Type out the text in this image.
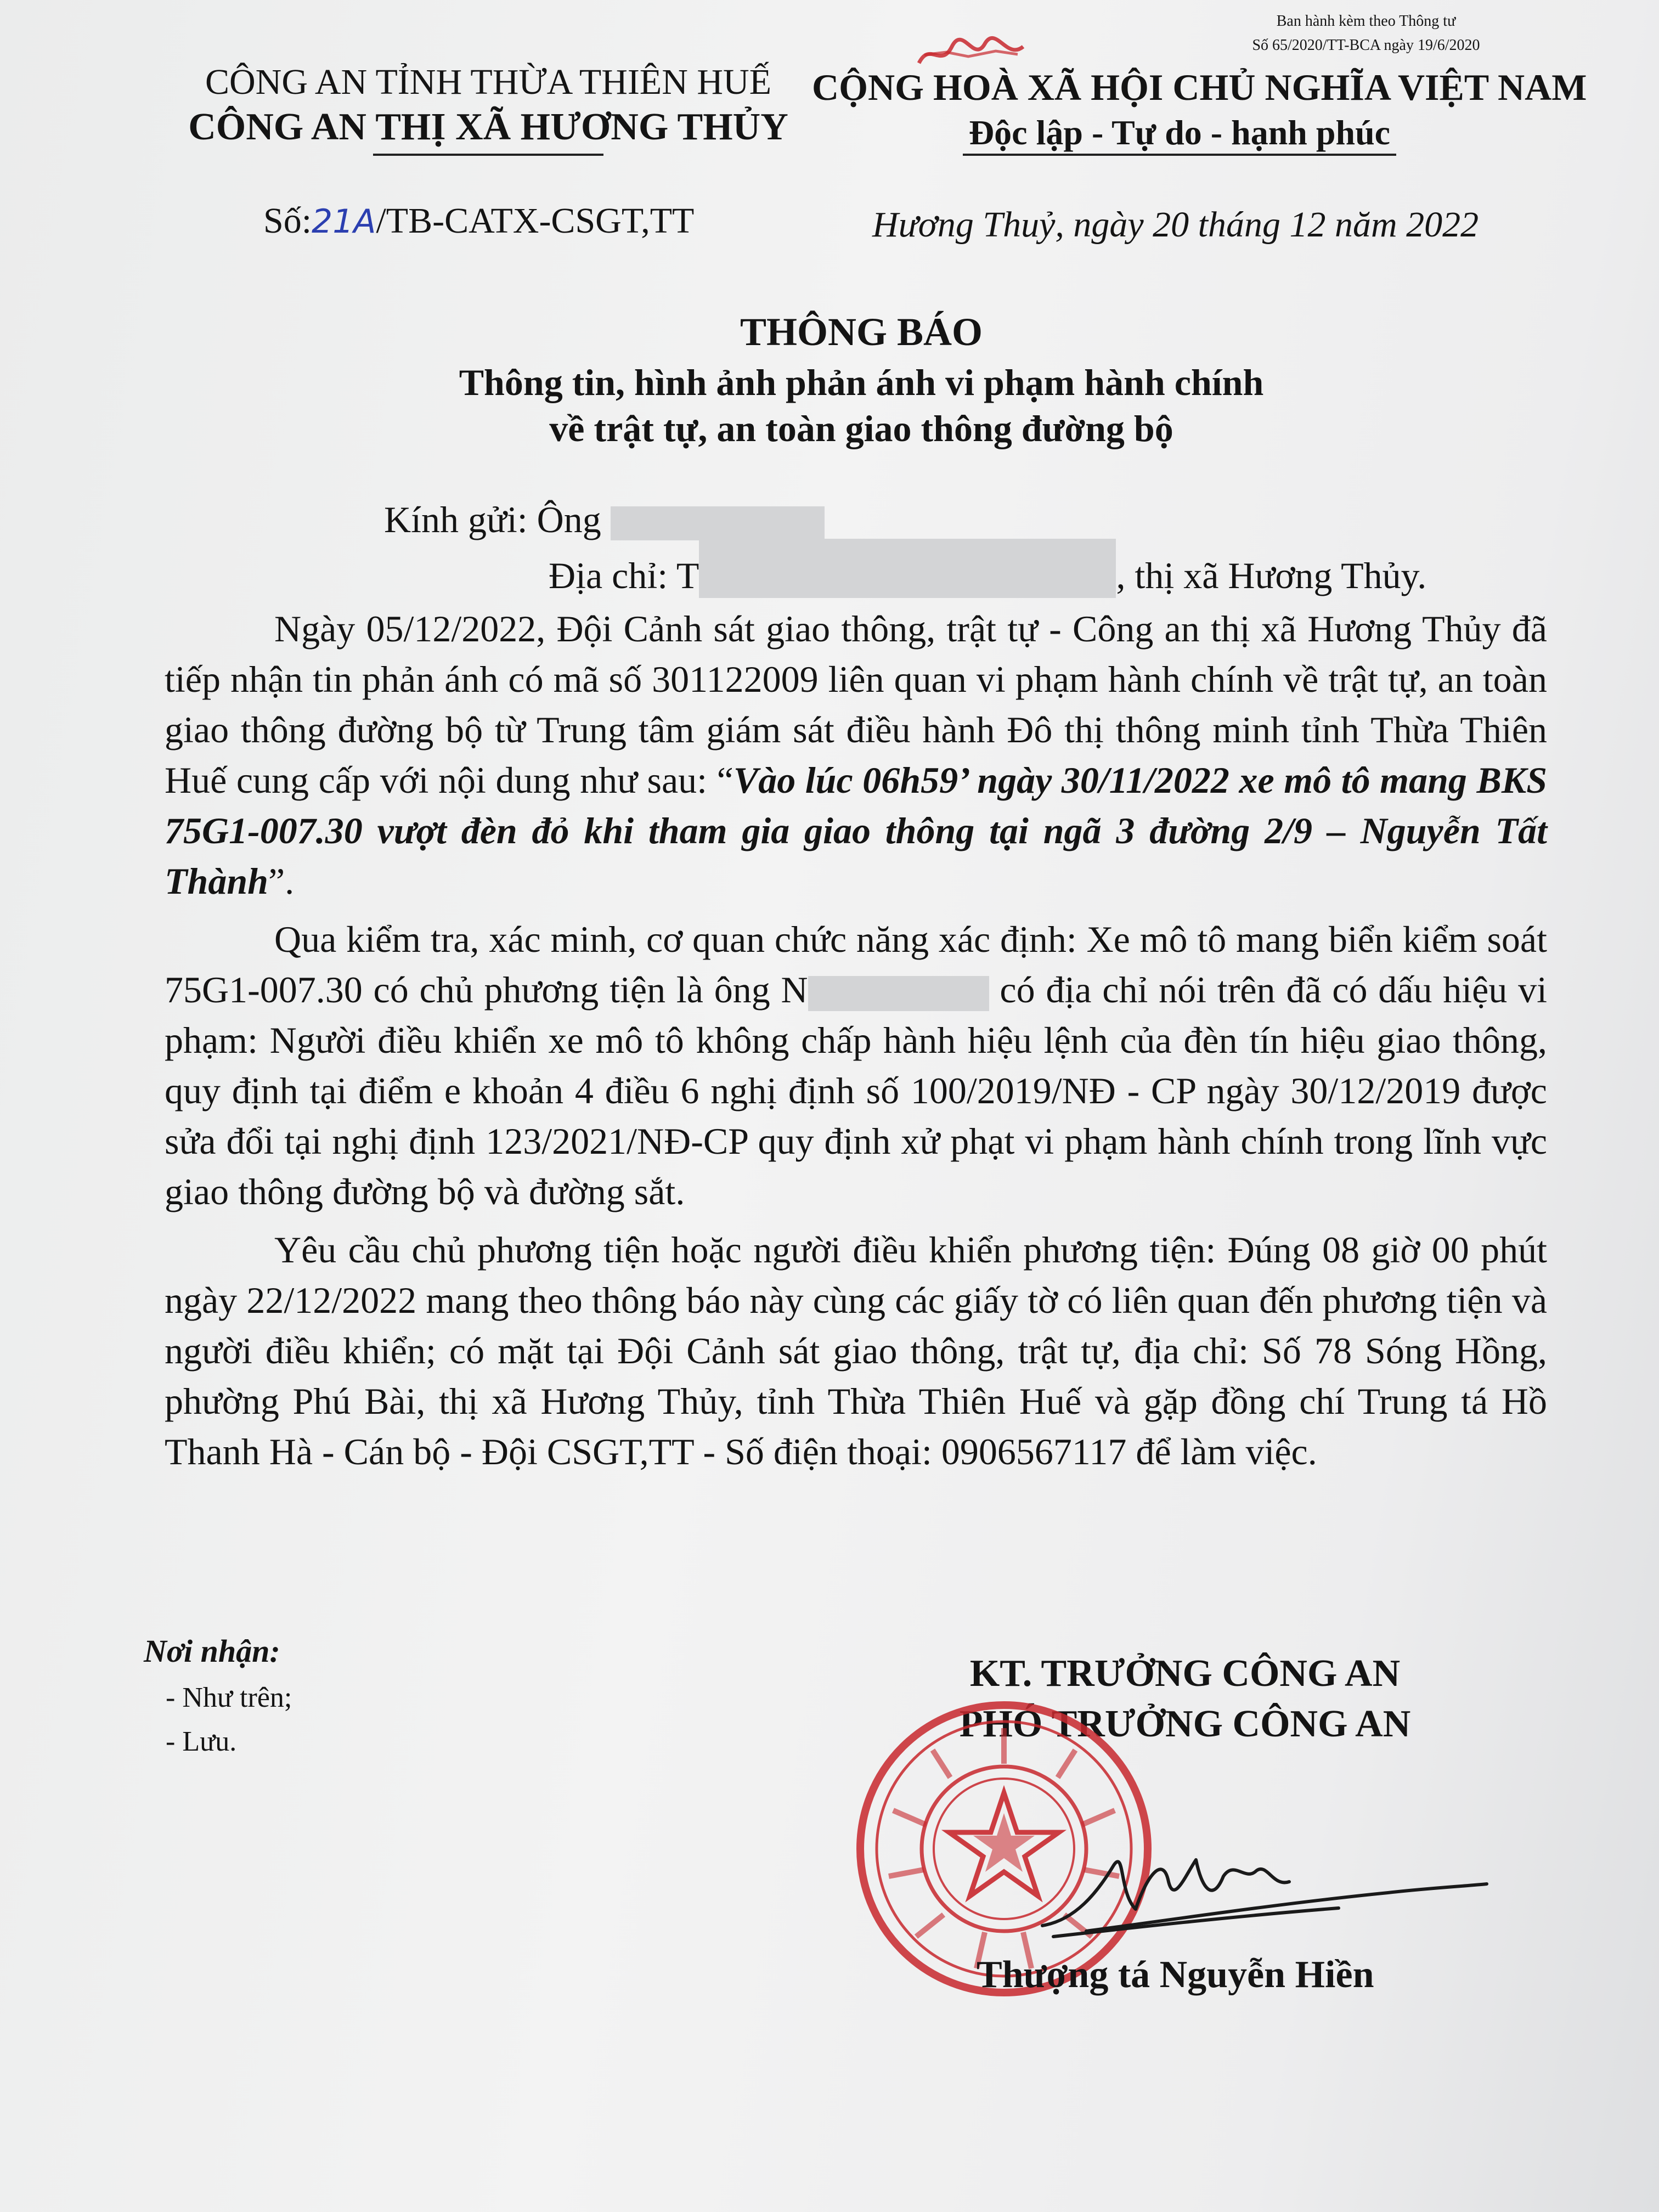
Ban hành kèm theo Thông tư
Số 65/2020/TT-BCA ngày 19/6/2020
CÔNG AN TỈNH THỪA THIÊN HUẾ
CÔNG AN THỊ XÃ HƯƠNG THỦY
CỘNG HOÀ XÃ HỘI CHỦ NGHĨA VIỆT NAM
Độc lập - Tự do - hạnh phúc
Số:21A/TB-CATX-CSGT,TT	Hương Thuỷ, ngày 20 tháng 12 năm 2022
THÔNG BÁO
Thông tin, hình ảnh phản ánh vi phạm hành chính
về trật tự, an toàn giao thông đường bộ
Kính gửi: Ông
Địa chỉ: T	, thị xã Hương Thủy.

Ngày 05/12/2022, Đội Cảnh sát giao thông, trật tự - Công an thị xã Hương Thủy đã tiếp nhận tin phản ánh có mã số 301122009 liên quan vi phạm hành chính về trật tự, an toàn giao thông đường bộ từ Trung tâm giám sát điều hành Đô thị thông minh tỉnh Thừa Thiên Huế cung cấp với nội dung như sau: “Vào lúc 06h59’ ngày 30/11/2022 xe mô tô mang BKS 75G1-007.30 vượt đèn đỏ khi tham gia giao thông tại ngã 3 đường 2/9 – Nguyễn Tất Thành”.

Qua kiểm tra, xác minh, cơ quan chức năng xác định: Xe mô tô mang biển kiểm soát 75G1-007.30 có chủ phương tiện là ông N	có địa chỉ nói trên đã có dấu hiệu vi phạm: Người điều khiển xe mô tô không chấp hành hiệu lệnh của đèn tín hiệu giao thông, quy định tại điểm e khoản 4 điều 6 nghị định số 100/2019/NĐ - CP ngày 30/12/2019 được sửa đổi tại nghị định 123/2021/NĐ-CP quy định xử phạt vi phạm hành chính trong lĩnh vực giao thông đường bộ và đường sắt.

Yêu cầu chủ phương tiện hoặc người điều khiển phương tiện: Đúng 08 giờ 00 phút ngày 22/12/2022 mang theo thông báo này cùng các giấy tờ có liên quan đến phương tiện và người điều khiển; có mặt tại Đội Cảnh sát giao thông, trật tự, địa chỉ: Số 78 Sóng Hồng, phường Phú Bài, thị xã Hương Thủy, tỉnh Thừa Thiên Huế và gặp đồng chí Trung tá Hồ Thanh Hà - Cán bộ - Đội CSGT,TT - Số điện thoại: 0906567117 để làm việc.

Nơi nhận:
- Như trên;
- Lưu.
KT. TRƯỞNG CÔNG AN
PHÓ TRƯỞNG CÔNG AN
Thượng tá Nguyễn Hiền
